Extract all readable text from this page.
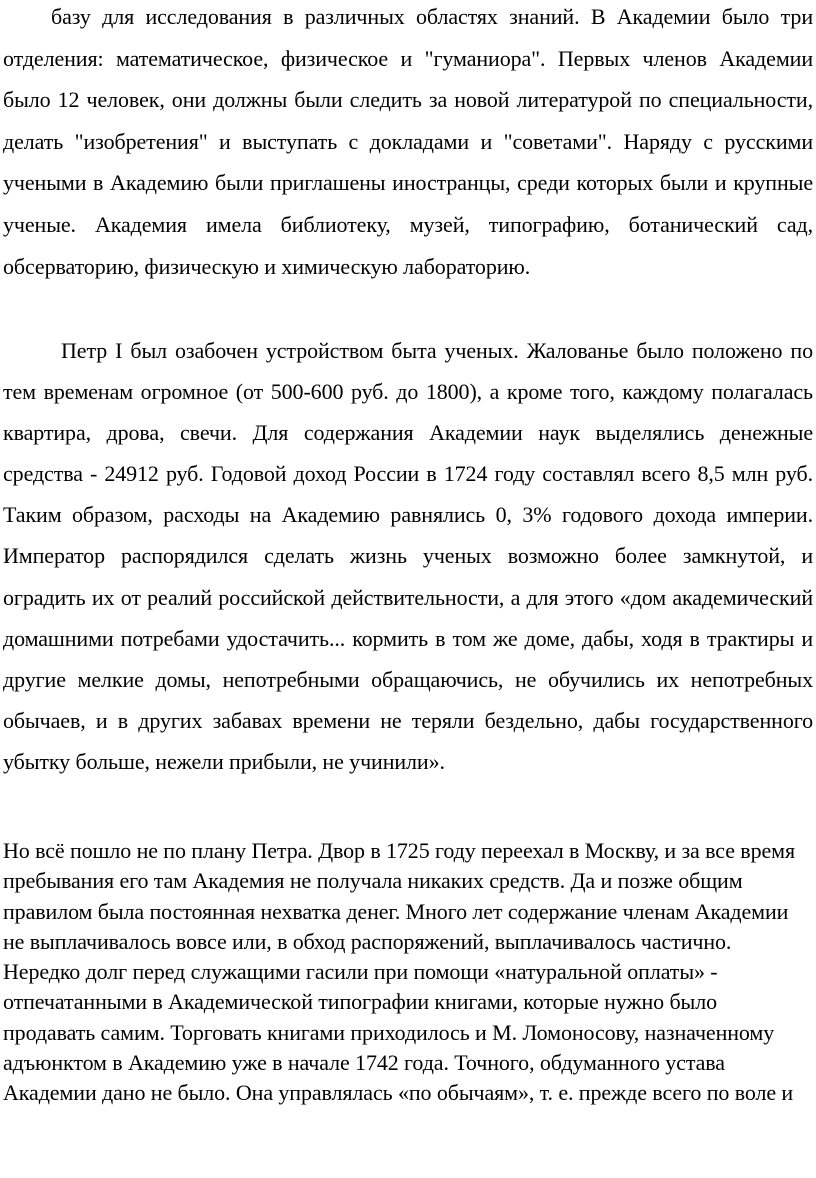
базу для исследования в различных областях знаний. В Академии было три отделения: математическое, физическое и "гуманиора". Первых членов Академии было 12 человек, они должны были следить за новой литературой по специальности, делать "изобретения" и выступать с докладами и "советами". Наряду с русскими учеными в Академию были приглашены иностранцы, среди которых были и крупные ученые. Академия имела библиотеку, музей, типографию, ботанический сад, обсерваторию, физическую и химическую лабораторию.

Петр I был озабочен устройством быта ученых. Жалованье было положено по тем временам огромное (от 500-600 руб. до 1800), а кроме того, каждому полагалась квартира, дрова, свечи. Для содержания Академии наук выделялись денежные средства - 24912 руб. Годовой доход России в 1724 году составлял всего 8,5 млн руб. Таким образом, расходы на Академию равнялись 0, 3% годового дохода империи. Император распорядился сделать жизнь ученых возможно более замкнутой, и оградить их от реалий российской действительности, а для этого «дом академический домашними потребами удостачить... кормить в том же доме, дабы, ходя в трактиры и другие мелкие домы, непотребными обращаючись, не обучились их непотребных обычаев, и в других забавах времени не теряли бездельно, дабы государственного убытку больше, нежели прибыли, не учинили».

Но всё пошло не по плану Петра. Двор в 1725 году переехал в Москву, и за все время пребывания его там Академия не получала никаких средств. Да и позже общим правилом была постоянная нехватка денег. Много лет содержание членам Академии не выплачивалось вовсе или, в обход распоряжений, выплачивалось частично. Нередко долг перед служащими гасили при помощи «натуральной оплаты» - отпечатанными в Академической типографии книгами, которые нужно было продавать самим. Торговать книгами приходилось и М. Ломоносову, назначенному адъюнктом в Академию уже в начале 1742 года. Точного, обдуманного устава Академии дано не было. Она управлялась «по обычаям», т. е. прежде всего по воле и
